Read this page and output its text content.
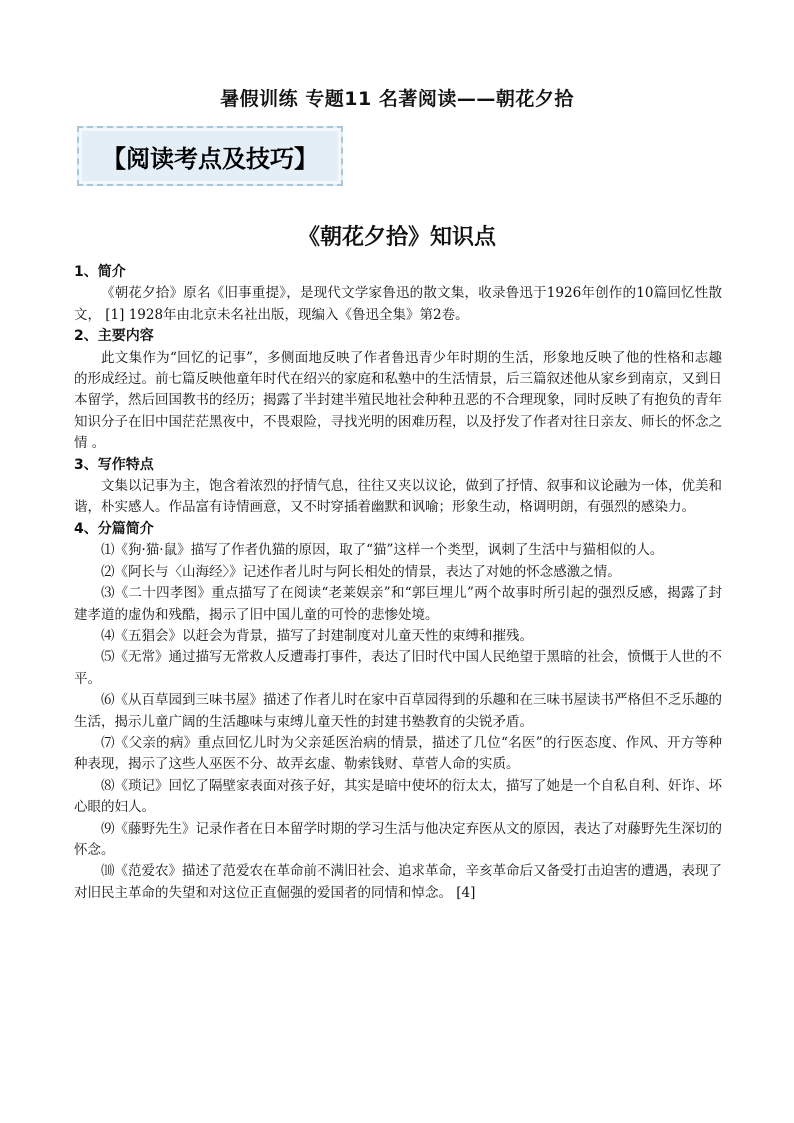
暑假训练 专题11 名著阅读——朝花夕拾
【阅读考点及技巧】
《朝花夕拾》知识点

1、简介

《朝花夕拾》原名《旧事重提》，是现代文学家鲁迅的散文集，收录鲁迅于1926年创作的10篇回忆性散文， [1] 1928年由北京未名社出版，现编入《鲁迅全集》第2卷。

2、主要内容

此文集作为“回忆的记事”，多侧面地反映了作者鲁迅青少年时期的生活，形象地反映了他的性格和志趣的形成经过。前七篇反映他童年时代在绍兴的家庭和私塾中的生活情景，后三篇叙述他从家乡到南京，又到日本留学，然后回国教书的经历；揭露了半封建半殖民地社会种种丑恶的不合理现象，同时反映了有抱负的青年知识分子在旧中国茫茫黑夜中，不畏艰险，寻找光明的困难历程，以及抒发了作者对往日亲友、师长的怀念之情 。

3、写作特点

文集以记事为主，饱含着浓烈的抒情气息，往往又夹以议论，做到了抒情、叙事和议论融为一体，优美和谐，朴实感人。作品富有诗情画意，又不时穿插着幽默和讽喻；形象生动，格调明朗，有强烈的感染力。

4、分篇简介

⑴《狗·猫·鼠》描写了作者仇猫的原因，取了“猫”这样一个类型，讽刺了生活中与猫相似的人。

⑵《阿长与〈山海经〉》记述作者儿时与阿长相处的情景，表达了对她的怀念感激之情。

⑶《二十四孝图》重点描写了在阅读“老莱娱亲”和“郭巨埋儿”两个故事时所引起的强烈反感，揭露了封建孝道的虚伪和残酷，揭示了旧中国儿童的可怜的悲惨处境。

⑷《五猖会》以赶会为背景，描写了封建制度对儿童天性的束缚和摧残。

⑸《无常》通过描写无常救人反遭毒打事件，表达了旧时代中国人民绝望于黑暗的社会，愤慨于人世的不平。

⑹《从百草园到三味书屋》描述了作者儿时在家中百草园得到的乐趣和在三味书屋读书严格但不乏乐趣的生活，揭示儿童广阔的生活趣味与束缚儿童天性的封建书塾教育的尖锐矛盾。

⑺《父亲的病》重点回忆儿时为父亲延医治病的情景，描述了几位“名医”的行医态度、作风、开方等种种表现，揭示了这些人巫医不分、故弄玄虚、勒索钱财、草菅人命的实质。

⑻《琐记》回忆了隔壁家表面对孩子好，其实是暗中使坏的衍太太，描写了她是一个自私自利、奸诈、坏心眼的妇人。

⑼《藤野先生》记录作者在日本留学时期的学习生活与他决定弃医从文的原因，表达了对藤野先生深切的怀念。

⑽《范爱农》描述了范爱农在革命前不满旧社会、追求革命，辛亥革命后又备受打击迫害的遭遇，表现了对旧民主革命的失望和对这位正直倔强的爱国者的同情和悼念。 [4]
